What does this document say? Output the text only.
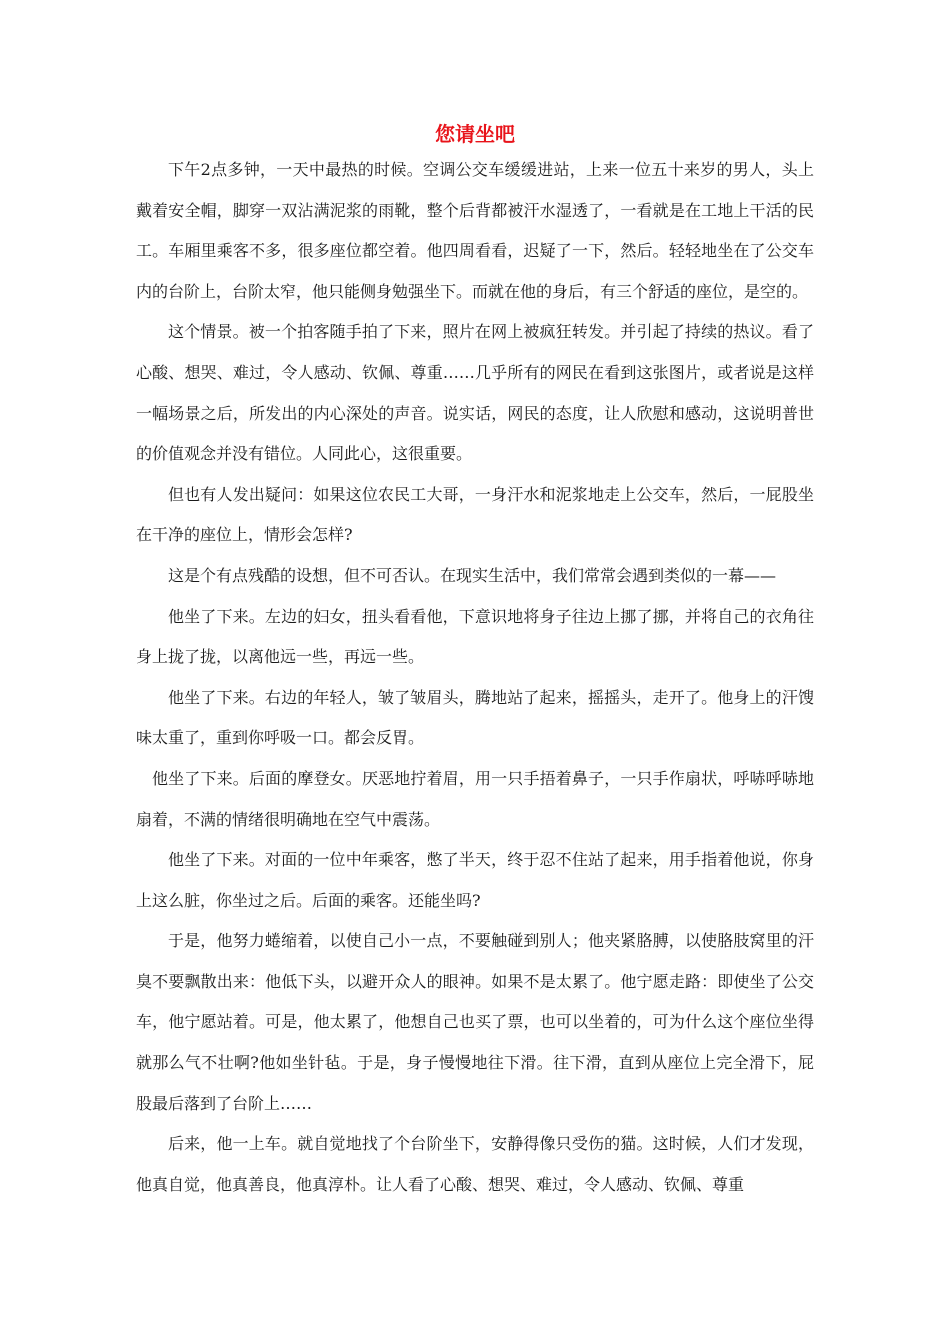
您请坐吧

下午2点多钟，一天中最热的时候。空调公交车缓缓进站，上来一位五十来岁的男人，头上戴着安全帽，脚穿一双沾满泥浆的雨靴，整个后背都被汗水湿透了，一看就是在工地上干活的民工。车厢里乘客不多，很多座位都空着。他四周看看，迟疑了一下，然后。轻轻地坐在了公交车内的台阶上，台阶太窄，他只能侧身勉强坐下。而就在他的身后，有三个舒适的座位，是空的。

这个情景。被一个拍客随手拍了下来，照片在网上被疯狂转发。并引起了持续的热议。看了心酸、想哭、难过，令人感动、钦佩、尊重……几乎所有的网民在看到这张图片，或者说是这样一幅场景之后，所发出的内心深处的声音。说实话，网民的态度，让人欣慰和感动，这说明普世的价值观念并没有错位。人同此心，这很重要。

但也有人发出疑问：如果这位农民工大哥，一身汗水和泥浆地走上公交车，然后，一屁股坐在干净的座位上，情形会怎样?

这是个有点残酷的设想，但不可否认。在现实生活中，我们常常会遇到类似的一幕——

他坐了下来。左边的妇女，扭头看看他，下意识地将身子往边上挪了挪，并将自己的衣角往身上拢了拢，以离他远一些，再远一些。

他坐了下来。右边的年轻人，皱了皱眉头，腾地站了起来，摇摇头，走开了。他身上的汗馊味太重了，重到你呼吸一口。都会反胃。

他坐了下来。后面的摩登女。厌恶地拧着眉，用一只手捂着鼻子，一只手作扇状，呼哧呼哧地扇着，不满的情绪很明确地在空气中震荡。

他坐了下来。对面的一位中年乘客，憋了半天，终于忍不住站了起来，用手指着他说，你身上这么脏，你坐过之后。后面的乘客。还能坐吗?

于是，他努力蜷缩着，以使自己小一点，不要触碰到别人；他夹紧胳膊，以使胳肢窝里的汗臭不要飘散出来：他低下头，以避开众人的眼神。如果不是太累了。他宁愿走路：即使坐了公交车，他宁愿站着。可是，他太累了，他想自己也买了票，也可以坐着的，可为什么这个座位坐得就那么气不壮啊?他如坐针毡。于是，身子慢慢地往下滑。往下滑，直到从座位上完全滑下，屁股最后落到了台阶上……

后来，他一上车。就自觉地找了个台阶坐下，安静得像只受伤的猫。这时候，人们才发现，他真自觉，他真善良，他真淳朴。让人看了心酸、想哭、难过，令人感动、钦佩、尊重
